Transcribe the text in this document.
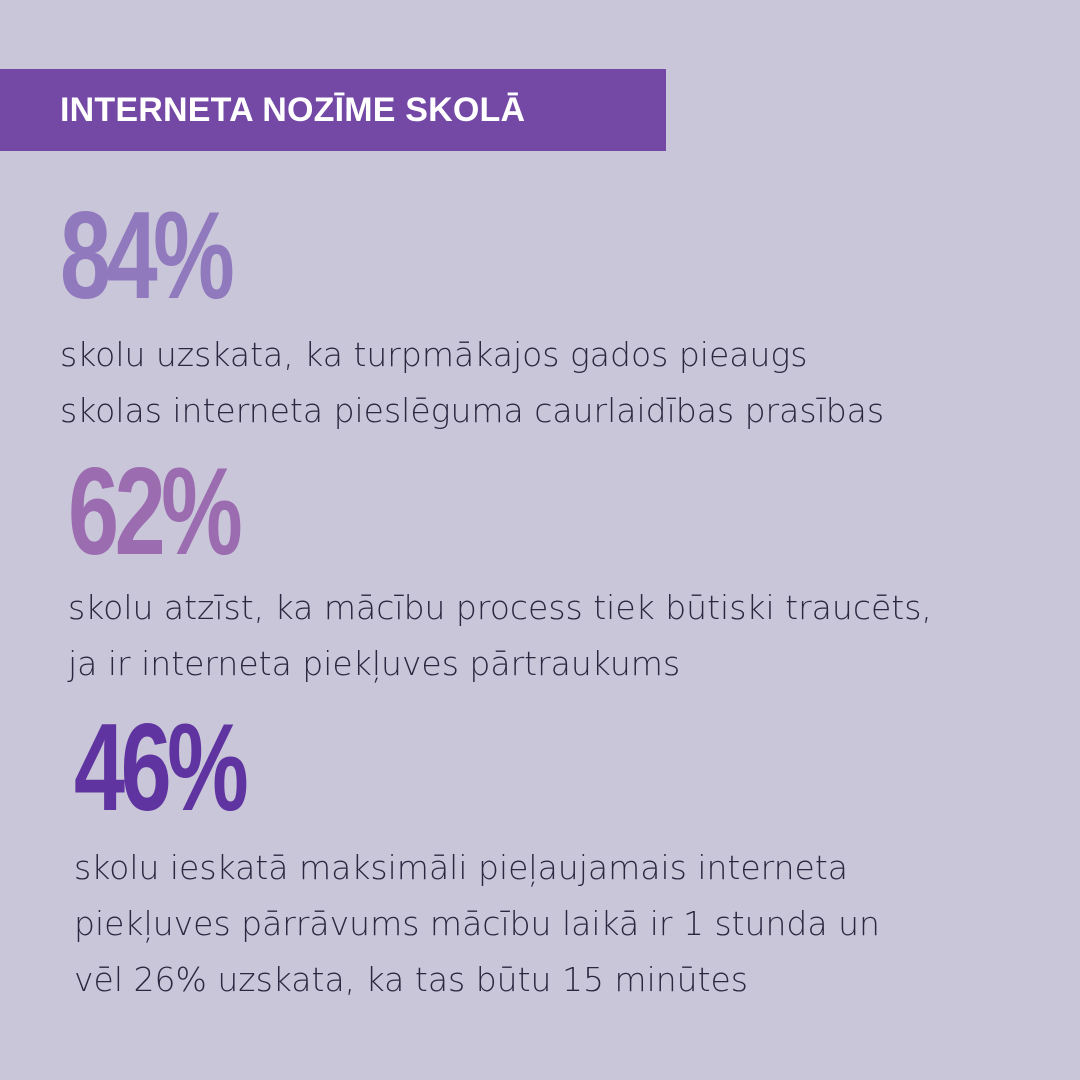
INTERNETA NOZĪME SKOLĀ
84%

skolu uzskata, ka turpmākajos gados pieaugs
skolas interneta pieslēguma caurlaidības prasības

62%

skolu atzīst, ka mācību process tiek būtiski traucēts,
ja ir interneta piekļuves pārtraukums

46%

skolu ieskatā maksimāli pieļaujamais interneta
piekļuves pārrāvums mācību laikā ir 1 stunda un
vēl 26% uzskata, ka tas būtu 15 minūtes
